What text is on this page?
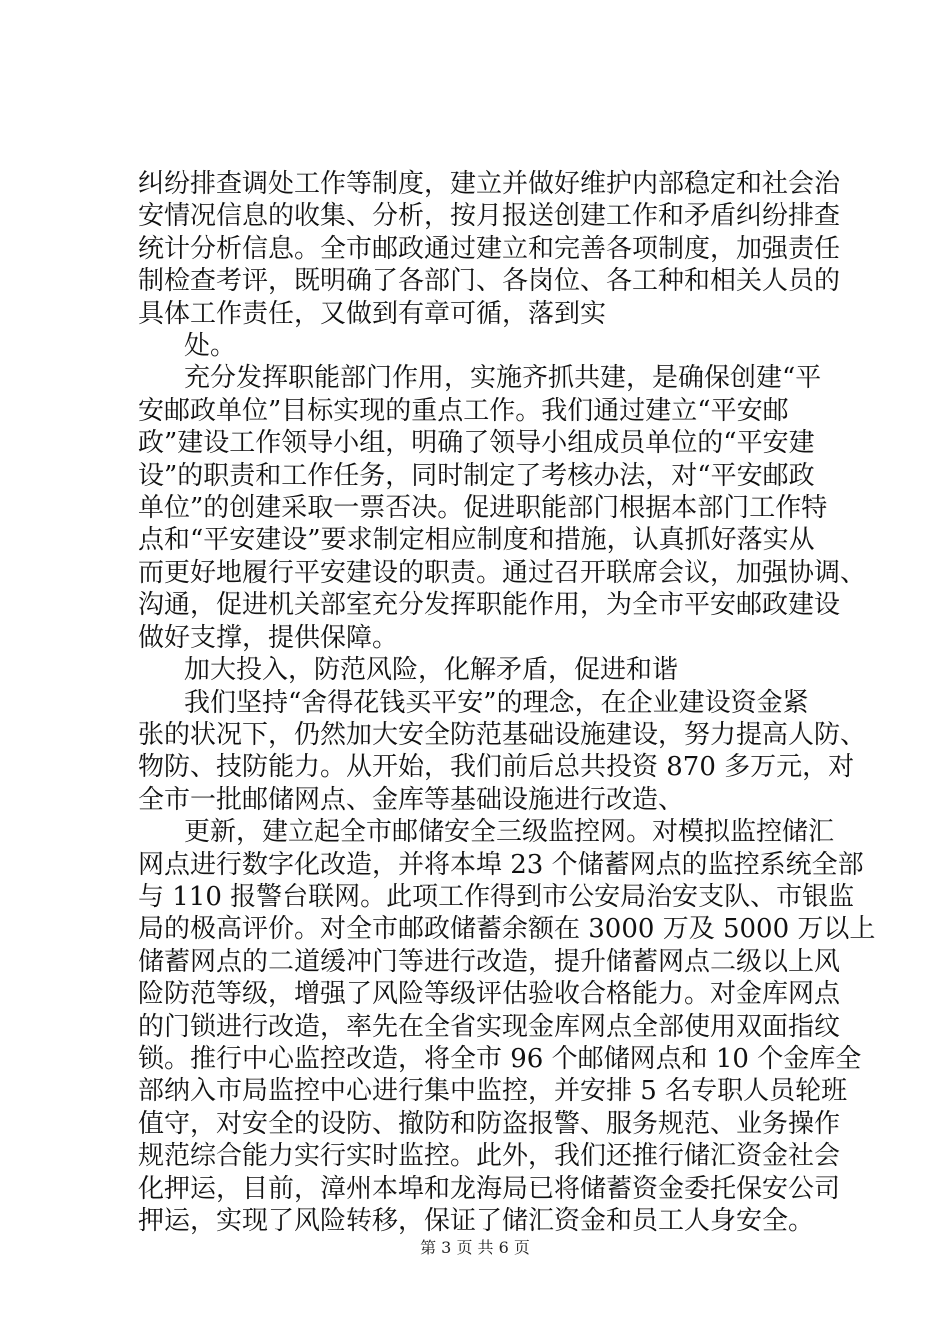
纠纷排查调处工作等制度，建立并做好维护内部稳定和社会治
安情况信息的收集、分析，按月报送创建工作和矛盾纠纷排查
统计分析信息。全市邮政通过建立和完善各项制度，加强责任
制检查考评，既明确了各部门、各岗位、各工种和相关人员的
具体工作责任，又做到有章可循，落到实
处。
充分发挥职能部门作用，实施齐抓共建，是确保创建“平
安邮政单位”目标实现的重点工作。我们通过建立“平安邮
政”建设工作领导小组，明确了领导小组成员单位的“平安建
设”的职责和工作任务，同时制定了考核办法，对“平安邮政
单位”的创建采取一票否决。促进职能部门根据本部门工作特
点和“平安建设”要求制定相应制度和措施，认真抓好落实从
而更好地履行平安建设的职责。通过召开联席会议，加强协调、
沟通，促进机关部室充分发挥职能作用，为全市平安邮政建设
做好支撑，提供保障。
加大投入，防范风险，化解矛盾，促进和谐
我们坚持“舍得花钱买平安”的理念，在企业建设资金紧
张的状况下，仍然加大安全防范基础设施建设，努力提高人防、
物防、技防能力。从开始，我们前后总共投资 870 多万元，对
全市一批邮储网点、金库等基础设施进行改造、
更新，建立起全市邮储安全三级监控网。对模拟监控储汇
网点进行数字化改造，并将本埠 23 个储蓄网点的监控系统全部
与 110 报警台联网。此项工作得到市公安局治安支队、市银监
局的极高评价。对全市邮政储蓄余额在 3000 万及 5000 万以上
储蓄网点的二道缓冲门等进行改造，提升储蓄网点二级以上风
险防范等级，增强了风险等级评估验收合格能力。对金库网点
的门锁进行改造，率先在全省实现金库网点全部使用双面指纹
锁。推行中心监控改造，将全市 96 个邮储网点和 10 个金库全
部纳入市局监控中心进行集中监控，并安排 5 名专职人员轮班
值守，对安全的设防、撤防和防盗报警、服务规范、业务操作
规范综合能力实行实时监控。此外，我们还推行储汇资金社会
化押运，目前，漳州本埠和龙海局已将储蓄资金委托保安公司
押运，实现了风险转移，保证了储汇资金和员工人身安全。
第 3 页 共 6 页
